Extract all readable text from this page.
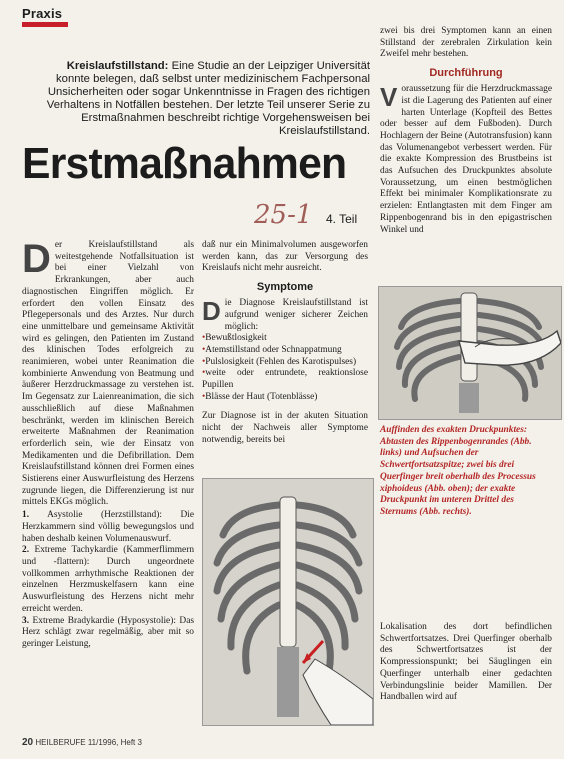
Praxis
Kreislaufstillstand: Eine Studie an der Leipziger Universität konnte belegen, daß selbst unter medizinischem Fachpersonal Unsicherheiten oder sogar Unkenntnisse in Fragen des richtigen Verhaltens in Notfällen bestehen. Der letzte Teil unserer Serie zu Erstmaßnahmen beschreibt richtige Vorgehensweisen bei Kreislaufstillstand.
Erstmaßnahmen
25-1 4. Teil
D er Kreislaufstillstand als weitestgehende Notfallsituation ist bei einer Vielzahl von Erkrankungen, aber auch diagnostischen Eingriffen möglich. Er erfordert den vollen Einsatz des Pflegepersonals und des Arztes. Nur durch eine unmittelbare und gemeinsame Aktivität wird es gelingen, den Patienten im Zustand des klinischen Todes erfolgreich zu reanimieren, wobei unter Reanimation die kombinierte Anwendung von Beatmung und äußerer Herzdruckmassage zu verstehen ist. Im Gegensatz zur Laienreanimation, die sich ausschließlich auf diese Maßnahmen beschränkt, werden im klinischen Bereich erweiterte Maßnahmen der Reanimation erforderlich sein, wie der Einsatz von Medikamenten und die Defibrillation. Dem Kreislaufstillstand können drei Formen eines Sistierens einer Auswurfleistung des Herzens zugrunde liegen, die Differenzierung ist nur mittels EKGs möglich.

1. Asystolie (Herzstillstand): Die Herzkammern sind völlig bewegungslos und haben deshalb keinen Volumenauswurf.
2. Extreme Tachykardie (Kammerflimmern und -flattern): Durch ungeordnete vollkommen arrhythmische Reaktionen der einzelnen Herzmuskelfasern kann eine Auswurfleistung des Herzens nicht mehr erreicht werden.
3. Extreme Bradykardie (Hyposystolie): Das Herz schlägt zwar regelmäßig, aber mit so geringer Leistung,

daß nur ein Minimalvolumen ausgeworfen werden kann, das zur Versorgung des Kreislaufs nicht mehr ausreicht.

Symptome
D ie Diagnose Kreislaufstillstand ist aufgrund weniger sicherer Zeichen möglich:

• Bewußtlosigkeit
• Atemstillstand oder Schnappatmung
• Pulslosigkeit (Fehlen des Karotispulses)
• weite oder entrundete, reaktionslose Pupillen
• Blässe der Haut (Totenblässe)

Zur Diagnose ist in der akuten Situation nicht der Nachweis aller Symptome notwendig, bereits bei

zwei bis drei Symptomen kann an einen Stillstand der zerebralen Zirkulation kein Zweifel mehr bestehen.

Durchführung
V oraussetzung für die Herzdruckmassage ist die Lagerung des Patienten auf einer harten Unterlage (Kopfteil des Bettes oder besser auf dem Fußboden). Durch Hochlagern der Beine (Autotransfusion) kann das Volumenangebot verbessert werden. Für die exakte Kompression des Brustbeins ist das Aufsuchen des Druckpunktes absolute Voraussetzung, um einen bestmöglichen Effekt bei minimaler Komplikationsrate zu erzielen: Entlangtasten mit dem Finger am Rippenbogenrand bis in den epigastrischen Winkel und

Auffinden des exakten Druckpunktes: Abtasten des Rippenbogenrandes (Abb. links) und Aufsuchen der Schwertfortsatzspitze; zwei bis drei Querfinger breit oberhalb des Processus xiphoideus (Abb. oben); der exakte Druckpunkt im unteren Drittel des Sternums (Abb. rechts).

Lokalisation des dort befindlichen Schwertfortsatzes. Drei Querfinger oberhalb des Schwertfortsatzes ist der Kompressionspunkt; bei Säuglingen ein Querfinger unterhalb einer gedachten Verbindungslinie beider Mamillen. Der Handballen wird auf

20 HEILBERUFE 11/1996, Heft 3
